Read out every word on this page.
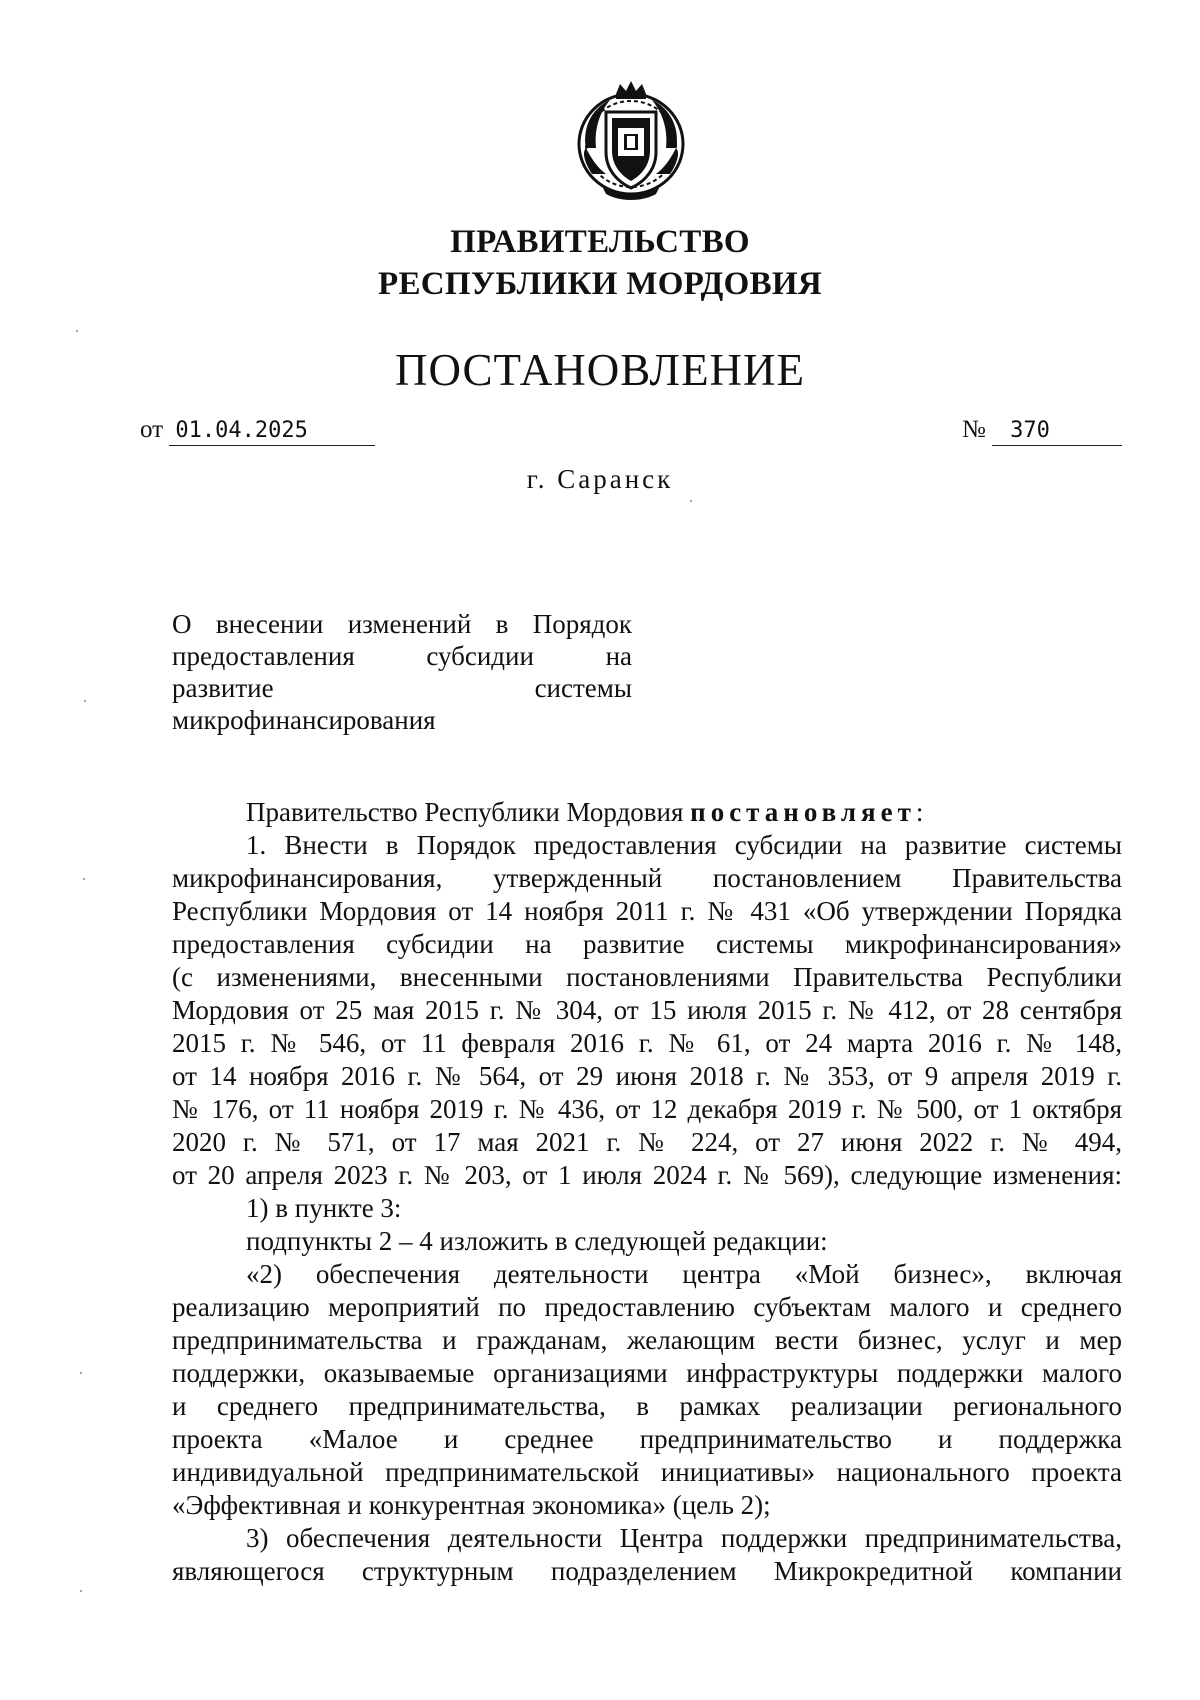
ПРАВИТЕЛЬСТВО
РЕСПУБЛИКИ МОРДОВИЯ
ПОСТАНОВЛЕНИЕ
от 01.04.2025	№ 370
г. Саранск
О внесении изменений в Порядок
предоставления субсидии на
развитие системы
микрофинансирования
Правительство Республики Мордовия постановляет:
1. Внести в Порядок предоставления субсидии на развитие системы
микрофинансирования, утвержденный постановлением Правительства
Республики Мордовия от 14 ноября 2011 г. № 431 «Об утверждении Порядка
предоставления субсидии на развитие системы микрофинансирования»
(с изменениями, внесенными постановлениями Правительства Республики
Мордовия от 25 мая 2015 г. № 304, от 15 июля 2015 г. № 412, от 28 сентября
2015 г. № 546, от 11 февраля 2016 г. № 61, от 24 марта 2016 г. № 148,
от 14 ноября 2016 г. № 564, от 29 июня 2018 г. № 353, от 9 апреля 2019 г.
№ 176, от 11 ноября 2019 г. № 436, от 12 декабря 2019 г. № 500, от 1 октября
2020 г. № 571, от 17 мая 2021 г. № 224, от 27 июня 2022 г. № 494,
от 20 апреля 2023 г. № 203, от 1 июля 2024 г. № 569), следующие изменения:
1) в пункте 3:
подпункты 2 – 4 изложить в следующей редакции:
«2) обеспечения деятельности центра «Мой бизнес», включая
реализацию мероприятий по предоставлению субъектам малого и среднего
предпринимательства и гражданам, желающим вести бизнес, услуг и мер
поддержки, оказываемые организациями инфраструктуры поддержки малого
и среднего предпринимательства, в рамках реализации регионального
проекта «Малое и среднее предпринимательство и поддержка
индивидуальной предпринимательской инициативы» национального проекта
«Эффективная и конкурентная экономика» (цель 2);
3) обеспечения деятельности Центра поддержки предпринимательства,
являющегося структурным подразделением Микрокредитной компании
